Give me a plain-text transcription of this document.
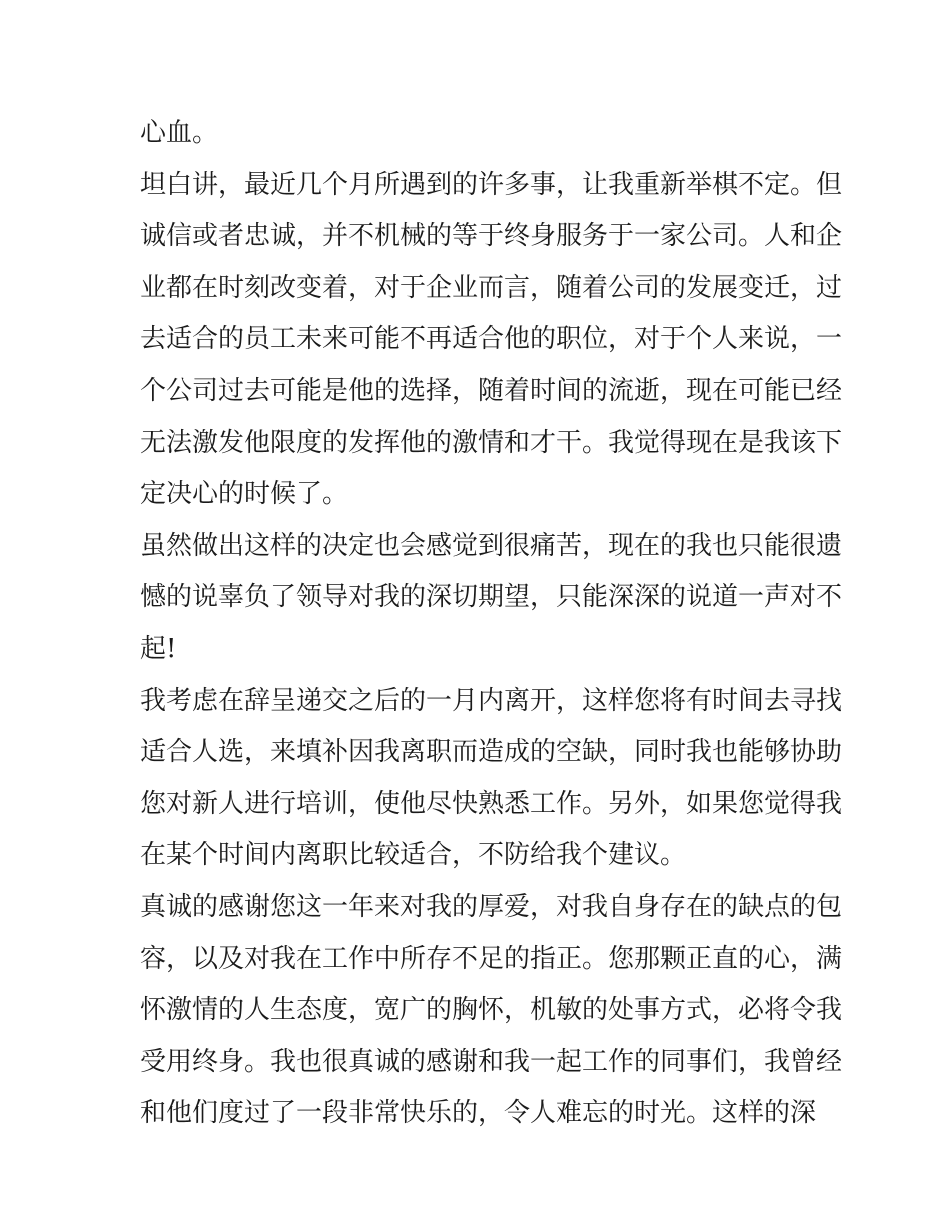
心血。
坦白讲，最近几个月所遇到的许多事，让我重新举棋不定。但
诚信或者忠诚，并不机械的等于终身服务于一家公司。人和企
业都在时刻改变着，对于企业而言，随着公司的发展变迁，过
去适合的员工未来可能不再适合他的职位，对于个人来说，一
个公司过去可能是他的选择，随着时间的流逝，现在可能已经
无法激发他限度的发挥他的激情和才干。我觉得现在是我该下
定决心的时候了。
虽然做出这样的决定也会感觉到很痛苦，现在的我也只能很遗
憾的说辜负了领导对我的深切期望，只能深深的说道一声对不
起!
我考虑在辞呈递交之后的一月内离开，这样您将有时间去寻找
适合人选，来填补因我离职而造成的空缺，同时我也能够协助
您对新人进行培训，使他尽快熟悉工作。另外，如果您觉得我
在某个时间内离职比较适合，不防给我个建议。
真诚的感谢您这一年来对我的厚爱，对我自身存在的缺点的包
容，以及对我在工作中所存不足的指正。您那颗正直的心，满
怀激情的人生态度，宽广的胸怀，机敏的处事方式，必将令我
受用终身。我也很真诚的感谢和我一起工作的同事们，我曾经
和他们度过了一段非常快乐的，令人难忘的时光。这样的深
